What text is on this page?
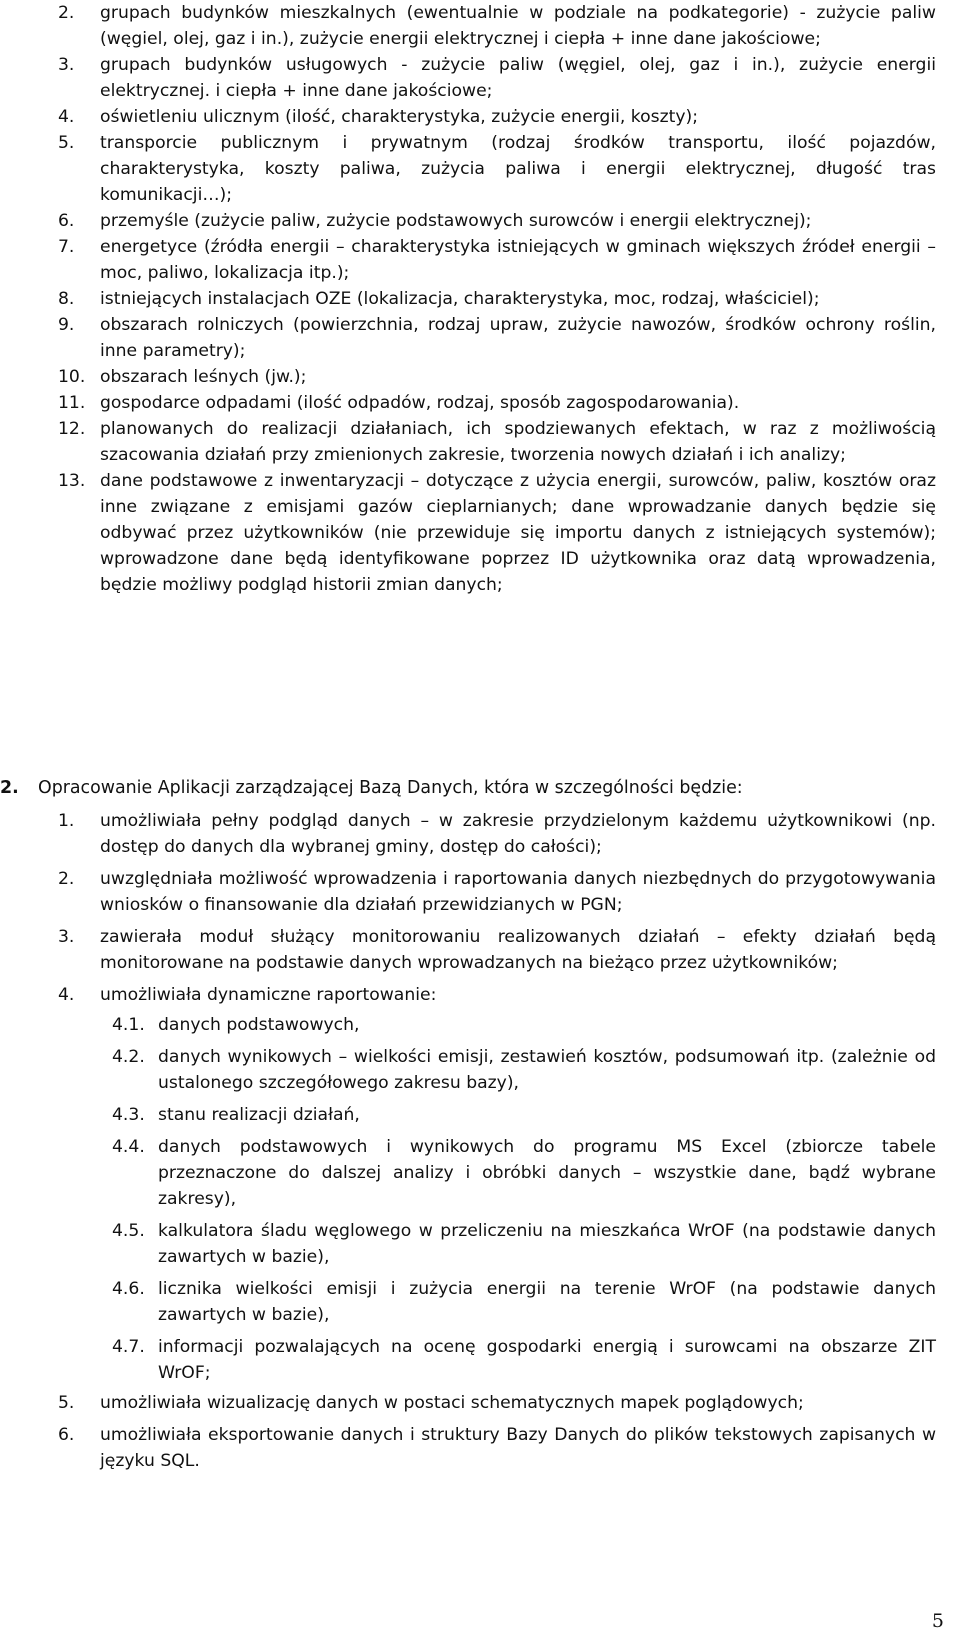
2.	grupach budynków mieszkalnych (ewentualnie w podziale na podkategorie) - zużycie paliw (węgiel, olej, gaz i in.), zużycie energii elektrycznej i ciepła + inne dane jakościowe;
3.	grupach budynków usługowych - zużycie paliw (węgiel, olej, gaz i in.), zużycie energii elektrycznej. i ciepła + inne dane jakościowe;
4.	oświetleniu ulicznym (ilość, charakterystyka, zużycie energii, koszty);
5.	transporcie publicznym i prywatnym (rodzaj środków transportu, ilość pojazdów, charakterystyka, koszty paliwa, zużycia paliwa i energii elektrycznej, długość tras komunikacji…);
6.	przemyśle (zużycie paliw, zużycie podstawowych surowców i energii elektrycznej);
7.	energetyce (źródła energii – charakterystyka istniejących w gminach większych źródeł energii – moc, paliwo, lokalizacja itp.);
8.	istniejących instalacjach OZE (lokalizacja, charakterystyka, moc, rodzaj, właściciel);
9.	obszarach rolniczych (powierzchnia, rodzaj upraw, zużycie nawozów, środków ochrony roślin, inne parametry);
10. obszarach leśnych (jw.);
11. gospodarce odpadami (ilość odpadów, rodzaj, sposób zagospodarowania).
12. planowanych do realizacji działaniach, ich spodziewanych efektach, w raz z możliwością szacowania działań przy zmienionych zakresie, tworzenia nowych działań i ich analizy;
13. dane podstawowe z inwentaryzacji – dotyczące z użycia energii, surowców, paliw, kosztów oraz inne związane z emisjami gazów cieplarnianych; dane wprowadzanie danych będzie się odbywać przez użytkowników (nie przewiduje się importu danych z istniejących systemów); wprowadzone dane będą identyfikowane poprzez ID użytkownika oraz datą wprowadzenia, będzie możliwy podgląd historii zmian danych;
2.	Opracowanie Aplikacji zarządzającej Bazą Danych, która w szczególności będzie:
1.	umożliwiała pełny podgląd danych – w zakresie przydzielonym każdemu użytkownikowi (np. dostęp do danych dla wybranej gminy, dostęp do całości);
2.	uwzględniała możliwość wprowadzenia i raportowania danych niezbędnych do przygotowywania wniosków o finansowanie dla działań przewidzianych w PGN;
3.	zawierała moduł służący monitorowaniu realizowanych działań – efekty działań będą monitorowane na podstawie danych wprowadzanych na bieżąco przez użytkowników;
4.	umożliwiała dynamiczne raportowanie:
4.1. danych podstawowych,
4.2. danych wynikowych – wielkości emisji, zestawień kosztów, podsumowań itp. (zależnie od ustalonego szczegółowego zakresu bazy),
4.3. stanu realizacji działań,
4.4. danych podstawowych i wynikowych do programu MS Excel (zbiorcze tabele przeznaczone do dalszej analizy i obróbki danych – wszystkie dane, bądź wybrane zakresy),
4.5. kalkulatora śladu węglowego w przeliczeniu na mieszkańca WrOF (na podstawie danych zawartych w bazie),
4.6. licznika wielkości emisji i zużycia energii na terenie WrOF (na podstawie danych zawartych w bazie),
4.7. informacji pozwalających na ocenę gospodarki energią i surowcami na obszarze ZIT WrOF;
5.	umożliwiała wizualizację danych w postaci schematycznych mapek poglądowych;
6.	umożliwiała eksportowanie danych i struktury Bazy Danych do plików tekstowych zapisanych w języku SQL.
5
